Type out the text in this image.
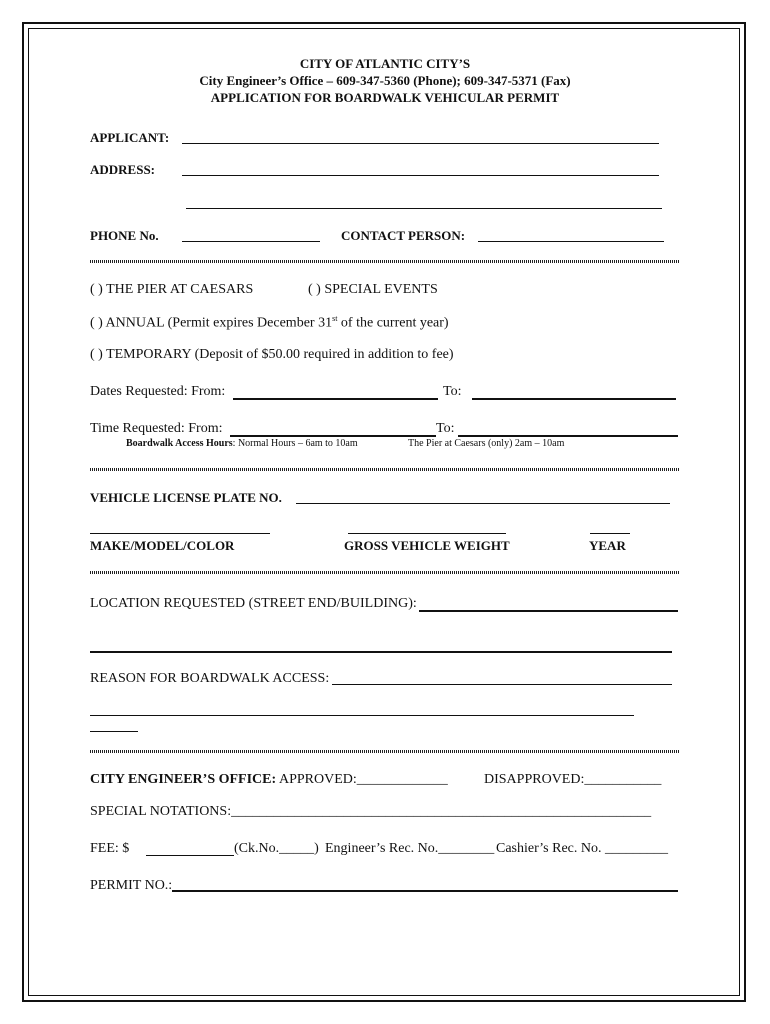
CITY OF ATLANTIC CITY’S
City Engineer’s Office – 609-347-5360 (Phone); 609-347-5371 (Fax)
APPLICATION FOR BOARDWALK VEHICULAR PERMIT
APPLICANT:
ADDRESS:
PHONE No.	CONTACT PERSON:
( ) THE PIER AT CAESARS	( ) SPECIAL EVENTS
( ) ANNUAL (Permit expires December 31st of the current year)
( ) TEMPORARY (Deposit of $50.00 required in addition to fee)
Dates Requested: From:	To:
Time Requested: From:	To:
Boardwalk Access Hours: Normal Hours – 6am to 10am	The Pier at Caesars (only) 2am – 10am
VEHICLE LICENSE PLATE NO.
MAKE/MODEL/COLOR	GROSS VEHICLE WEIGHT	YEAR
LOCATION REQUESTED (STREET END/BUILDING):
REASON FOR BOARDWALK ACCESS:
CITY ENGINEER’S OFFICE: APPROVED:_____________	DISAPPROVED:___________
SPECIAL NOTATIONS:____________________________________________________________
FEE: $	(Ck.No._____) Engineer’s Rec. No.________ Cashier’s Rec. No. _________
PERMIT NO.:
